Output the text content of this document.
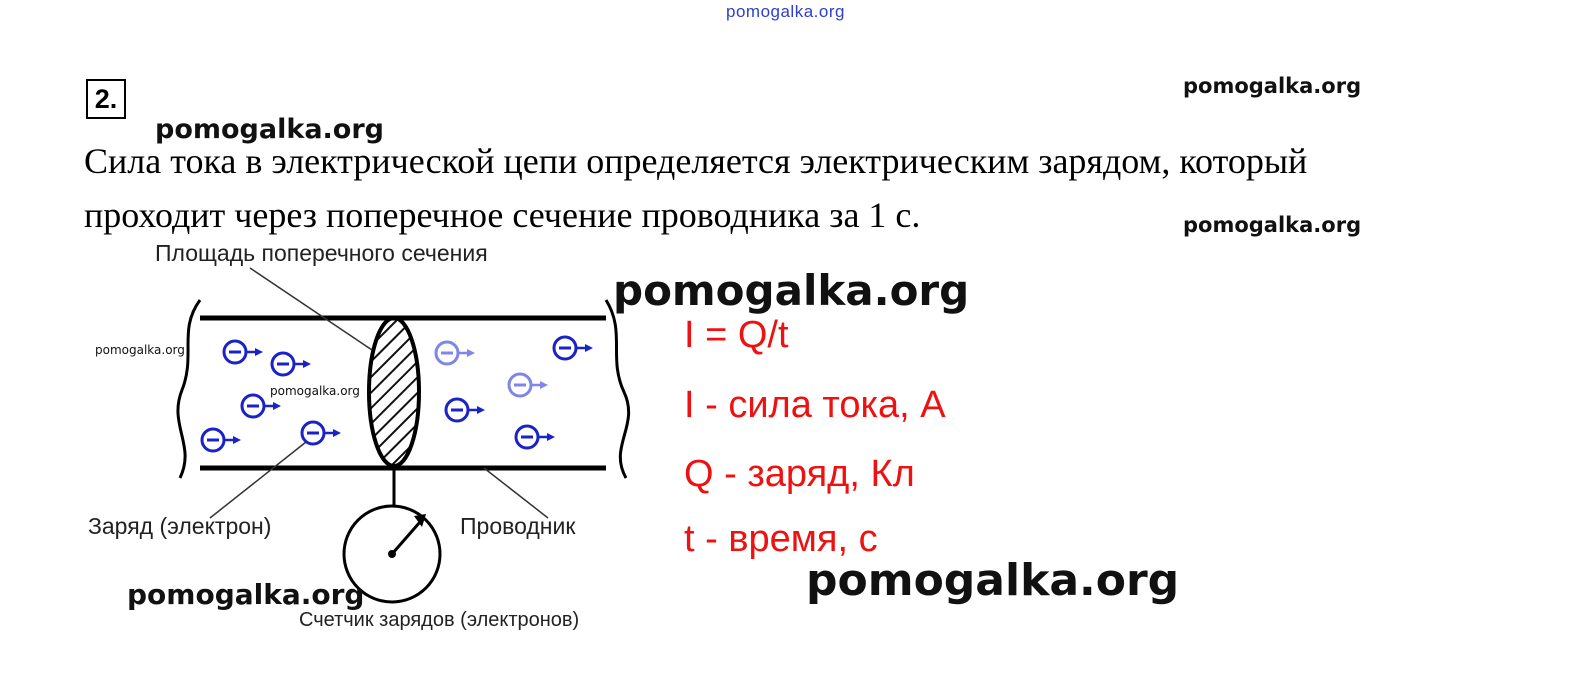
pomogalka.org
pomogalka.org
pomogalka.org
pomogalka.org
2.

Сила тока в электрической цепи определяется электрическим зарядом, который проходит через поперечное сечение проводника за 1 с.

Площадь поперечного сечения
Заряд (электрон)	Проводник
Счетчик зарядов (электронов)
I = Q/t
I - сила тока, А
Q - заряд, Кл
t - время, с
pomogalka.org
pomogalka.org
pomogalka.org
pomogalka.org	pomogalka.org
